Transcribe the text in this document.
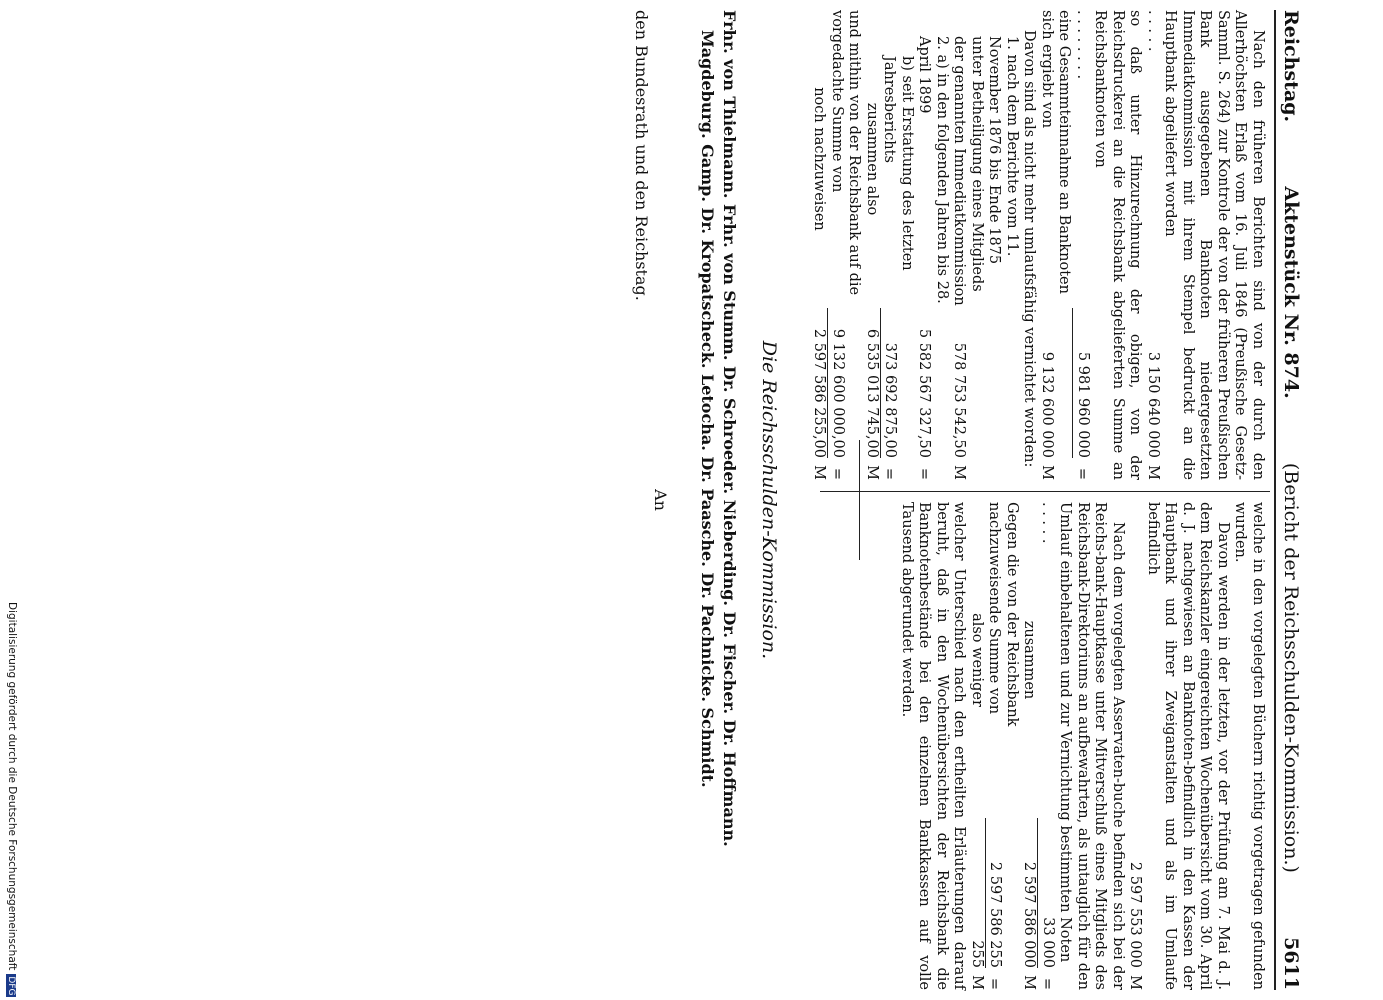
Reichstag.
Aktenstück Nr. 874.
(Bericht der Reichsschulden-Kommission.)
5611

Nach den früheren Berichten sind von der durch den Allerhöchsten Erlaß vom 16. Juli 1846 (Preußische Gesetz-Samml. S. 264) zur Kontrole der von der früheren Preußischen Bank ausgegebenen Banknoten niedergesetzten Immediatkommission mit ihrem Stempel bedruckt an die Hauptbank abgeliefert worden

. . . . .
3 150 640 000
M

so daß unter Hinzurechnung der obigen, von der Reichsdruckerei an die Reichsbank abgelieferten Summe an Reichsbanknoten von

. . . . . . . .
5 981 960 000
=
eine Gesammteinnahme an Banknoten sich ergiebt von
9 132 600 000
M

Davon sind als nicht mehr umlaufsfähig vernichtet worden:

1. nach dem Berichte vom 11. November 1876 bis Ende 1875 unter Betheiligung eines Mitglieds der genannten Immediatkommission
578 753 542,50
M
2. a) in den folgenden Jahren bis 28. April 1899
5 582 567 327,50
=
b) seit Erstattung des letzten Jahresberichts
373 692 875,00
=
zusammen also
6 535 013 745,00
M
und mithin von der Reichsbank auf die vorgedachte Summe von
9 132 600 000,00
=
noch nachzuweisen
2 597 586 255,00
M

welche in den vorgelegten Büchern richtig vorgetragen gefunden wurden.

Davon werden in der letzten, vor der Prüfung am 7. Mai d. J. dem Reichskanzler eingereichten Wochenübersicht vom 30. April d. J. nachgewiesen an Banknoten-befindlich in den Kassen der Hauptbank und ihrer Zweiganstalten und als im Umlaufe befindlich

2 597 553 000
M

Nach dem vorgelegten Asservaten-buche befinden sich bei der Reichs-bank-Hauptkasse unter Mitverschluß eines Mitglieds des Reichsbank-Direktoriums an aufbewahrten, als untauglich für den Umlauf einbehaltenen und zur Vernichtung bestimmten Noten

. . . . .
33 000
=
zusammen
2 597 586 000
M
Gegen die von der Reichsbank nachzuweisende Summe von
2 597 586 255
=
also weniger
255
M

welcher Unterschied nach den ertheilten Erläuterungen darauf beruht, daß in den Wochenübersichten der Reichsbank die Banknotenbestände bei den einzelnen Bankkassen auf volle Tausend abgerundet werden.

Die Reichsschulden-Kommission.
Frhr. von Thielmann. Frhr. von Stumm. Dr. Schroeder. Nieberding. Dr. Fischer. Dr. Hoffmann.
Magdeburg. Gamp. Dr. Kropatscheck. Letocha. Dr. Paasche. Dr. Pachnicke. Schmidt.
An
den Bundesrath und den Reichstag.
Digitalisierung gefördert durch die Deutsche ForschungsgemeinschaftDFG
